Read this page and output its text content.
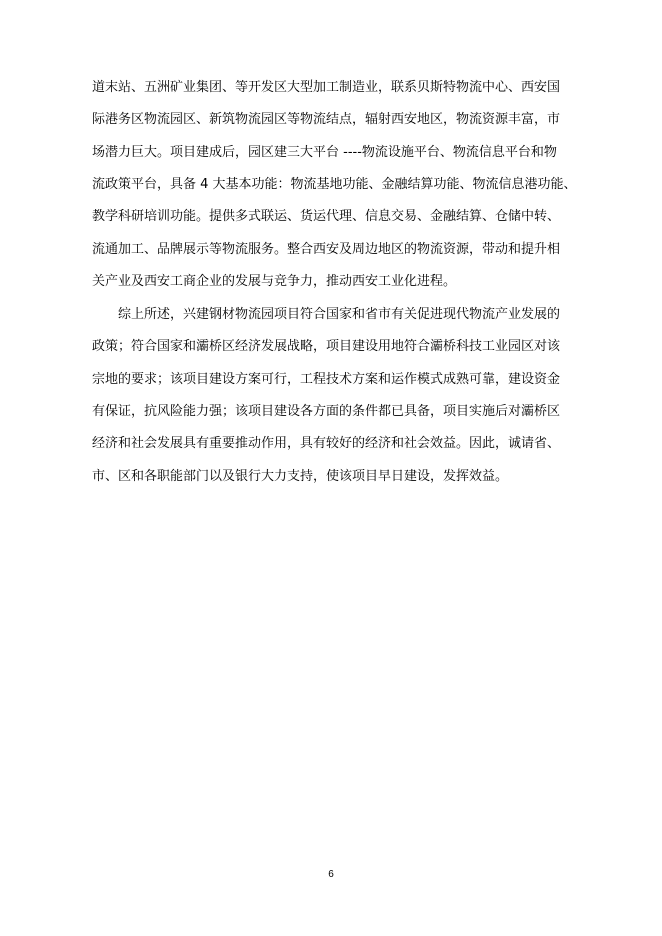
道末站、五洲矿业集团、等开发区大型加工制造业，联系贝斯特物流中心、西安国
际港务区物流园区、新筑物流园区等物流结点，辐射西安地区，物流资源丰富，市
场潜力巨大。项目建成后，园区建三大平台 ----物流设施平台、物流信息平台和物
流政策平台，具备 4 大基本功能：物流基地功能、金融结算功能、物流信息港功能、
教学科研培训功能。提供多式联运、货运代理、信息交易、金融结算、仓储中转、
流通加工、品牌展示等物流服务。整合西安及周边地区的物流资源，带动和提升相
关产业及西安工商企业的发展与竞争力，推动西安工业化进程。
综上所述，兴建钢材物流园项目符合国家和省市有关促进现代物流产业发展的
政策；符合国家和灞桥区经济发展战略，项目建设用地符合灞桥科技工业园区对该
宗地的要求；该项目建设方案可行，工程技术方案和运作模式成熟可靠，建设资金
有保证，抗风险能力强；该项目建设各方面的条件都已具备，项目实施后对灞桥区
经济和社会发展具有重要推动作用，具有较好的经济和社会效益。因此，诚请省、
市、区和各职能部门以及银行大力支持，使该项目早日建设，发挥效益。
6
